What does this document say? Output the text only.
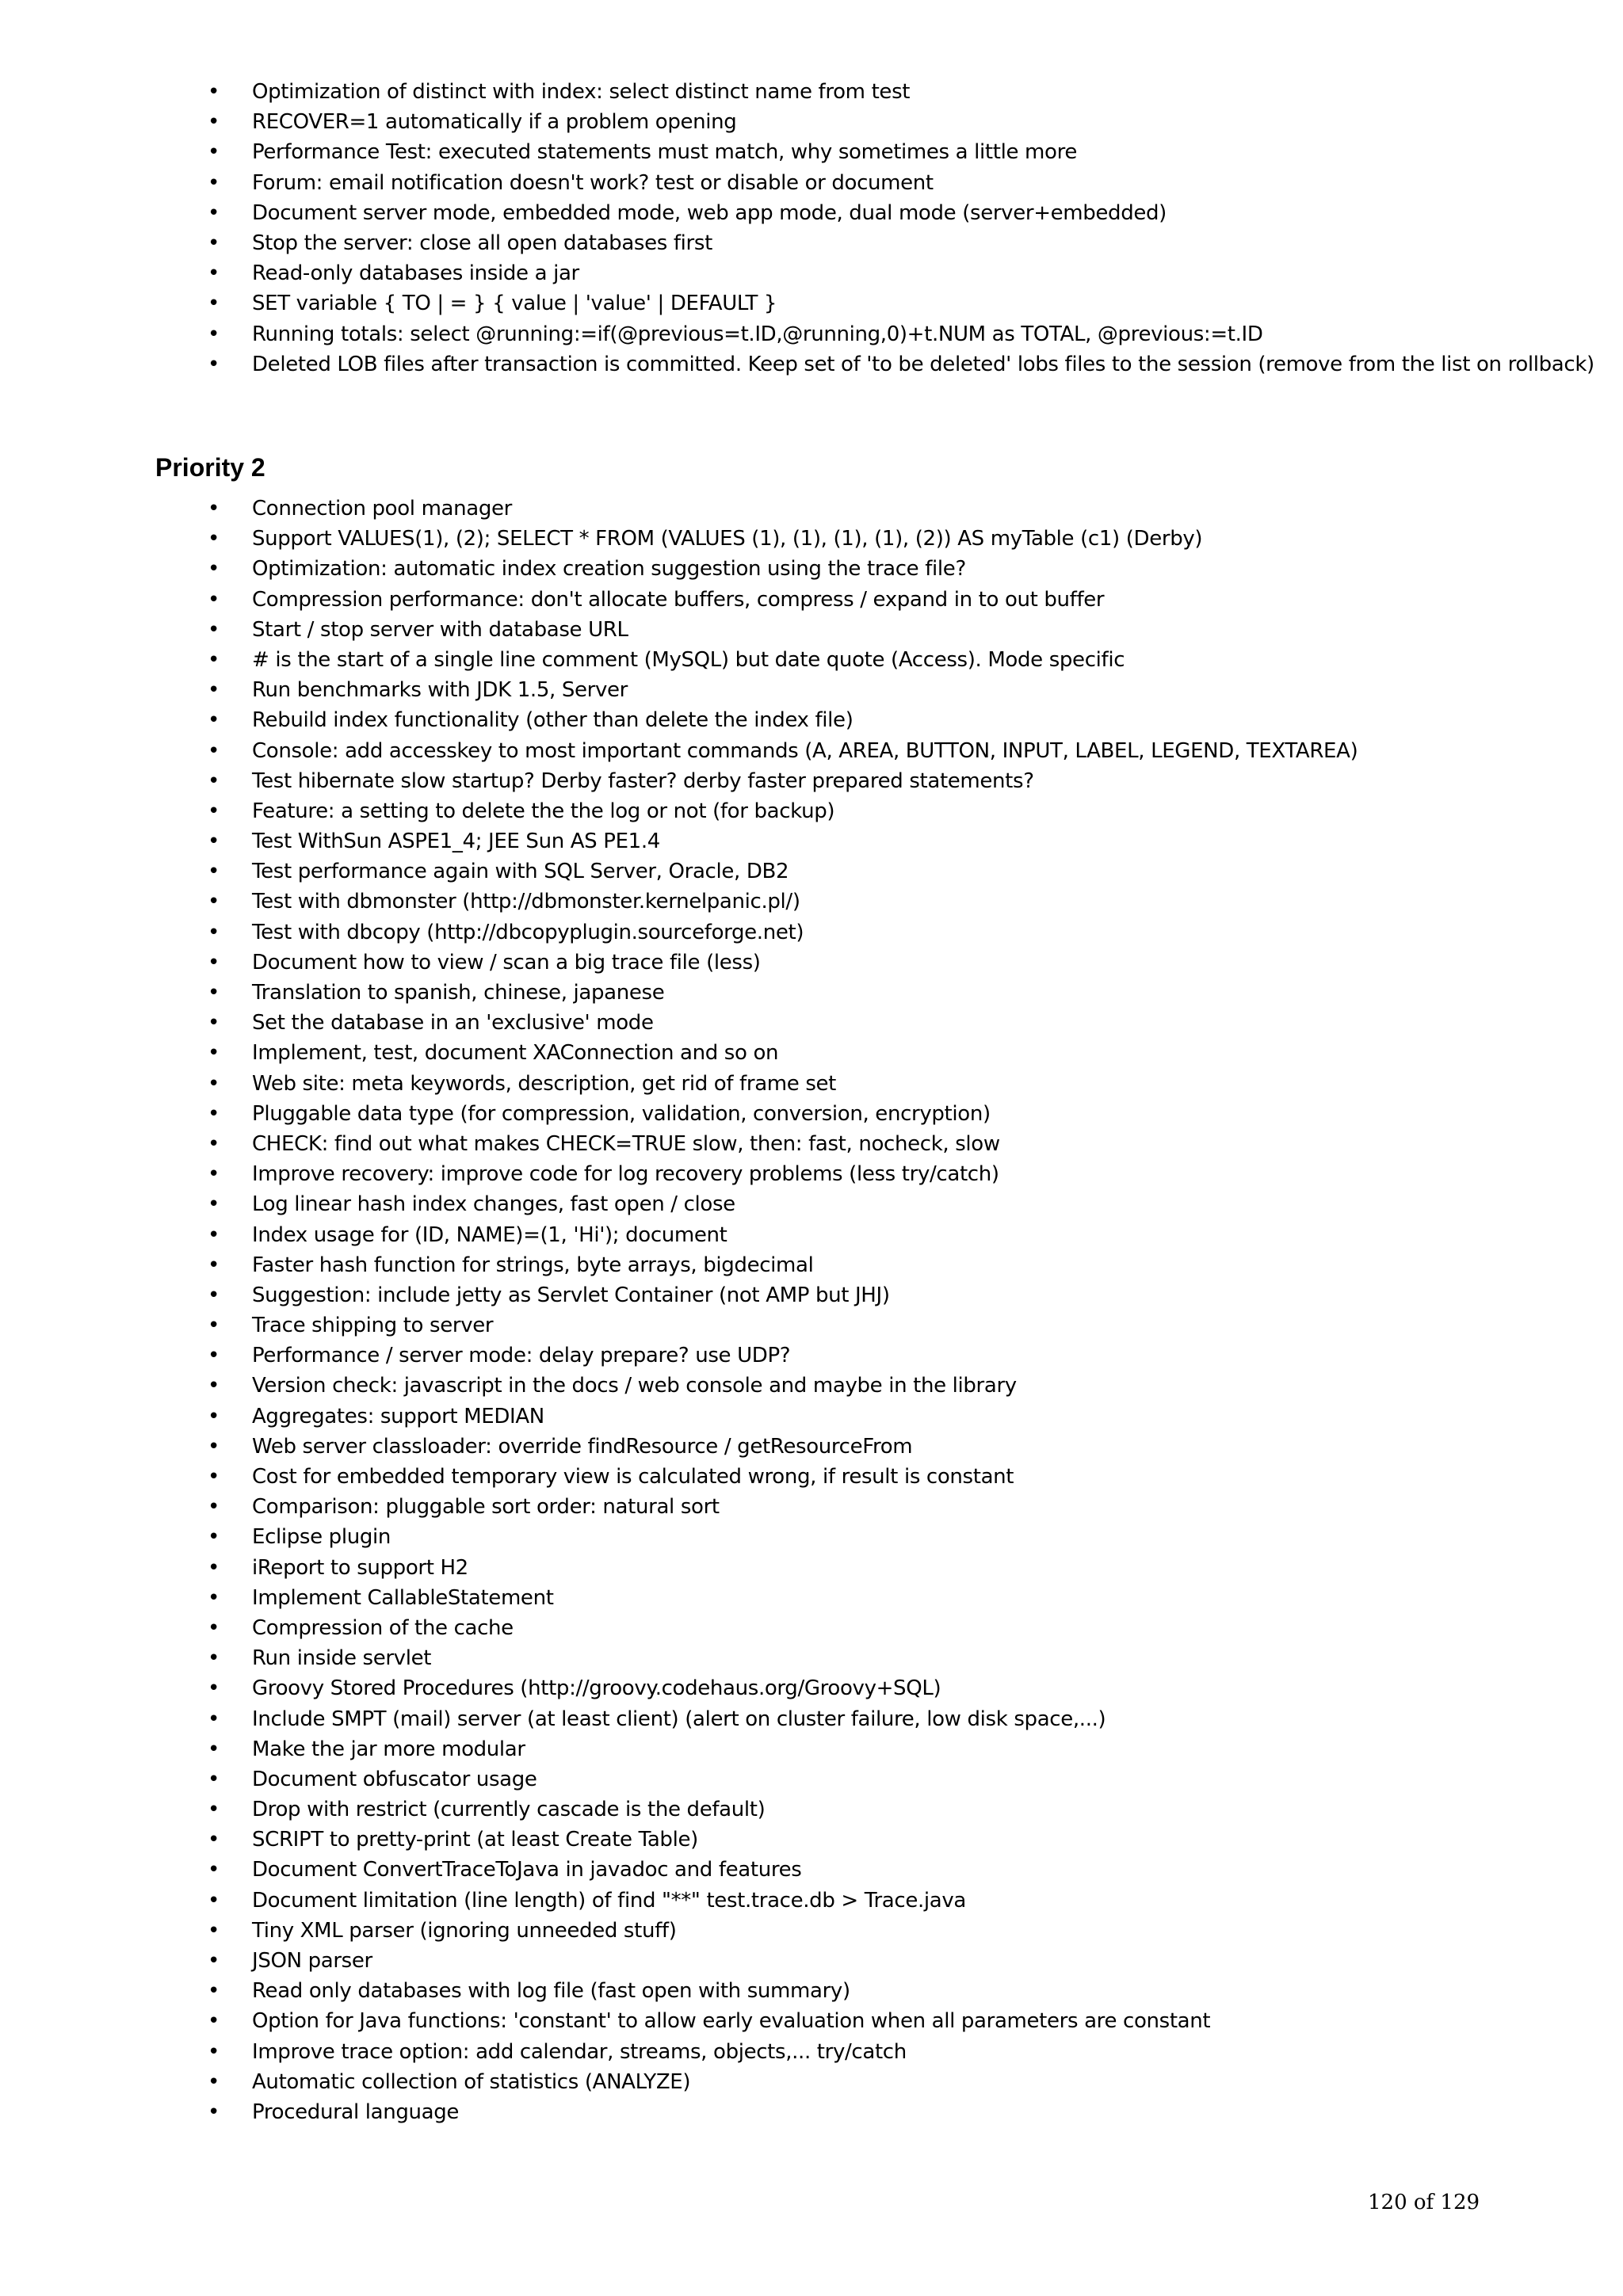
• Optimization of distinct with index: select distinct name from test
• RECOVER=1 automatically if a problem opening
• Performance Test: executed statements must match, why sometimes a little more
• Forum: email notification doesn't work? test or disable or document
• Document server mode, embedded mode, web app mode, dual mode (server+embedded)
• Stop the server: close all open databases first
• Read-only databases inside a jar
• SET variable { TO | = } { value | 'value' | DEFAULT }
• Running totals: select @running:=if(@previous=t.ID,@running,0)+t.NUM as TOTAL, @previous:=t.ID
• Deleted LOB files after transaction is committed. Keep set of 'to be deleted' lobs files to the session (remove from the list on rollback)
Priority 2
• Connection pool manager
• Support VALUES(1), (2); SELECT * FROM (VALUES (1), (1), (1), (1), (2)) AS myTable (c1) (Derby)
• Optimization: automatic index creation suggestion using the trace file?
• Compression performance: don't allocate buffers, compress / expand in to out buffer
• Start / stop server with database URL
• # is the start of a single line comment (MySQL) but date quote (Access). Mode specific
• Run benchmarks with JDK 1.5, Server
• Rebuild index functionality (other than delete the index file)
• Console: add accesskey to most important commands (A, AREA, BUTTON, INPUT, LABEL, LEGEND, TEXTAREA)
• Test hibernate slow startup? Derby faster? derby faster prepared statements?
• Feature: a setting to delete the the log or not (for backup)
• Test WithSun ASPE1_4; JEE Sun AS PE1.4
• Test performance again with SQL Server, Oracle, DB2
• Test with dbmonster (http://dbmonster.kernelpanic.pl/)
• Test with dbcopy (http://dbcopyplugin.sourceforge.net)
• Document how to view / scan a big trace file (less)
• Translation to spanish, chinese, japanese
• Set the database in an 'exclusive' mode
• Implement, test, document XAConnection and so on
• Web site: meta keywords, description, get rid of frame set
• Pluggable data type (for compression, validation, conversion, encryption)
• CHECK: find out what makes CHECK=TRUE slow, then: fast, nocheck, slow
• Improve recovery: improve code for log recovery problems (less try/catch)
• Log linear hash index changes, fast open / close
• Index usage for (ID, NAME)=(1, 'Hi'); document
• Faster hash function for strings, byte arrays, bigdecimal
• Suggestion: include jetty as Servlet Container (not AMP but JHJ)
• Trace shipping to server
• Performance / server mode: delay prepare? use UDP?
• Version check: javascript in the docs / web console and maybe in the library
• Aggregates: support MEDIAN
• Web server classloader: override findResource / getResourceFrom
• Cost for embedded temporary view is calculated wrong, if result is constant
• Comparison: pluggable sort order: natural sort
• Eclipse plugin
• iReport to support H2
• Implement CallableStatement
• Compression of the cache
• Run inside servlet
• Groovy Stored Procedures (http://groovy.codehaus.org/Groovy+SQL)
• Include SMPT (mail) server (at least client) (alert on cluster failure, low disk space,...)
• Make the jar more modular
• Document obfuscator usage
• Drop with restrict (currently cascade is the default)
• SCRIPT to pretty-print (at least Create Table)
• Document ConvertTraceToJava in javadoc and features
• Document limitation (line length) of find "**" test.trace.db > Trace.java
• Tiny XML parser (ignoring unneeded stuff)
• JSON parser
• Read only databases with log file (fast open with summary)
• Option for Java functions: 'constant' to allow early evaluation when all parameters are constant
• Improve trace option: add calendar, streams, objects,... try/catch
• Automatic collection of statistics (ANALYZE)
• Procedural language
120 of 129
